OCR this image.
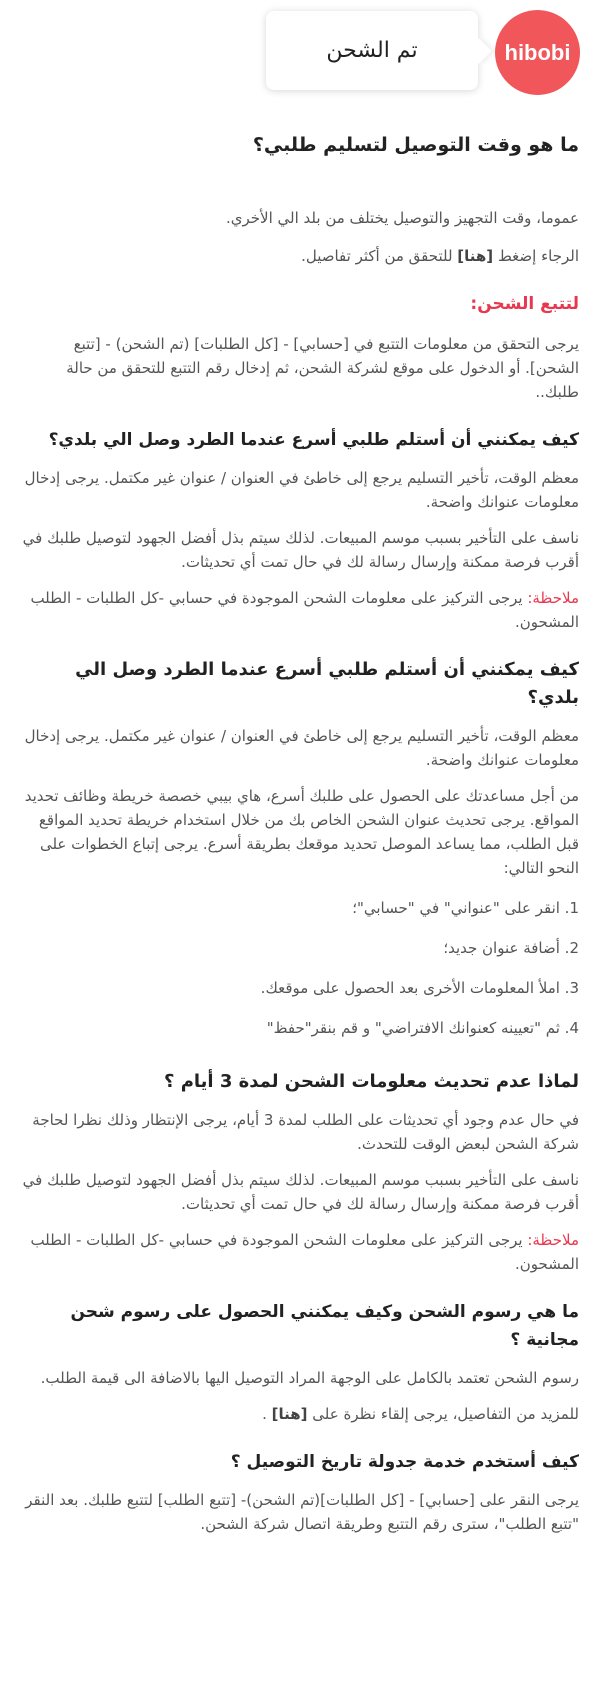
تم الشحن	hibobi
ما هو وقت التوصيل لتسليم طلبي؟

عموما، وقت التجهيز والتوصيل يختلف من بلد الي الأخري.

الرجاء إضغط [هنا] للتحقق من أكثر تفاصيل.

لتتبع الشحن:

يرجى التحقق من معلومات التتبع في [حسابي] - [كل الطلبات] (تم الشحن) - [تتبع الشحن]. أو الدخول على موقع لشركة الشحن، ثم إدخال رقم التتبع للتحقق من حالة طلبك..

كيف يمكنني أن أستلم طلبي أسرع عندما الطرد وصل الي بلدي؟

معظم الوقت، تأخير التسليم يرجع إلى خاطئ في العنوان / عنوان غير مكتمل. يرجى إدخال معلومات عنوانك واضحة.

ناسف على التأخير بسبب موسم المبيعات. لذلك سيتم بذل أفضل الجهود لتوصيل طلبك في أقرب فرصة ممكنة وإرسال رسالة لك في حال تمت أي تحديثات.

ملاحظة: يرجى التركيز على معلومات الشحن الموجودة في حسابي -كل الطلبات - الطلب المشحون.

كيف يمكنني أن أستلم طلبي أسرع عندما الطرد وصل الي بلدي؟

معظم الوقت، تأخير التسليم يرجع إلى خاطئ في العنوان / عنوان غير مكتمل. يرجى إدخال معلومات عنوانك واضحة.

من أجل مساعدتك على الحصول على طلبك أسرع، هاي بيبي خصصة خريطة وظائف تحديد المواقع. يرجى تحديث عنوان الشحن الخاص بك من خلال استخدام خريطة تحديد المواقع قبل الطلب، مما يساعد الموصل تحديد موقعك بطريقة أسرع. يرجى إتباع الخطوات على النحو التالي:

1. انقر على "عنواني" في "حسابي"؛

2. أضافة عنوان جديد؛

3. املأ المعلومات الأخرى بعد الحصول على موقعك.

4. ثم "تعيينه كعنوانك الافتراضي" و قم بنقر"حفظ"

لماذا عدم تحديث معلومات الشحن لمدة 3 أيام ؟

في حال عدم وجود أي تحديثات على الطلب لمدة 3 أيام، يرجى الإنتظار وذلك نظرا لحاجة شركة الشحن لبعض الوقت للتحدث.

ناسف على التأخير بسبب موسم المبيعات. لذلك سيتم بذل أفضل الجهود لتوصيل طلبك في أقرب فرصة ممكنة وإرسال رسالة لك في حال تمت أي تحديثات.

ملاحظة: يرجى التركيز على معلومات الشحن الموجودة في حسابي -كل الطلبات - الطلب المشحون.

ما هي رسوم الشحن وكيف يمكنني الحصول على رسوم شحن مجانية ؟

رسوم الشحن تعتمد بالكامل على الوجهة المراد التوصيل اليها بالاضافة الى قيمة الطلب.

للمزيد من التفاصيل، يرجى إلقاء نظرة على [هنا] .

كيف أستخدم خدمة جدولة تاريخ التوصيل ؟

يرجى النقر على [حسابي] - [كل الطلبات](تم الشحن)- [تتبع الطلب] لتتبع طلبك. بعد النقر "تتبع الطلب"، سترى رقم التتبع وطريقة اتصال شركة الشحن.
